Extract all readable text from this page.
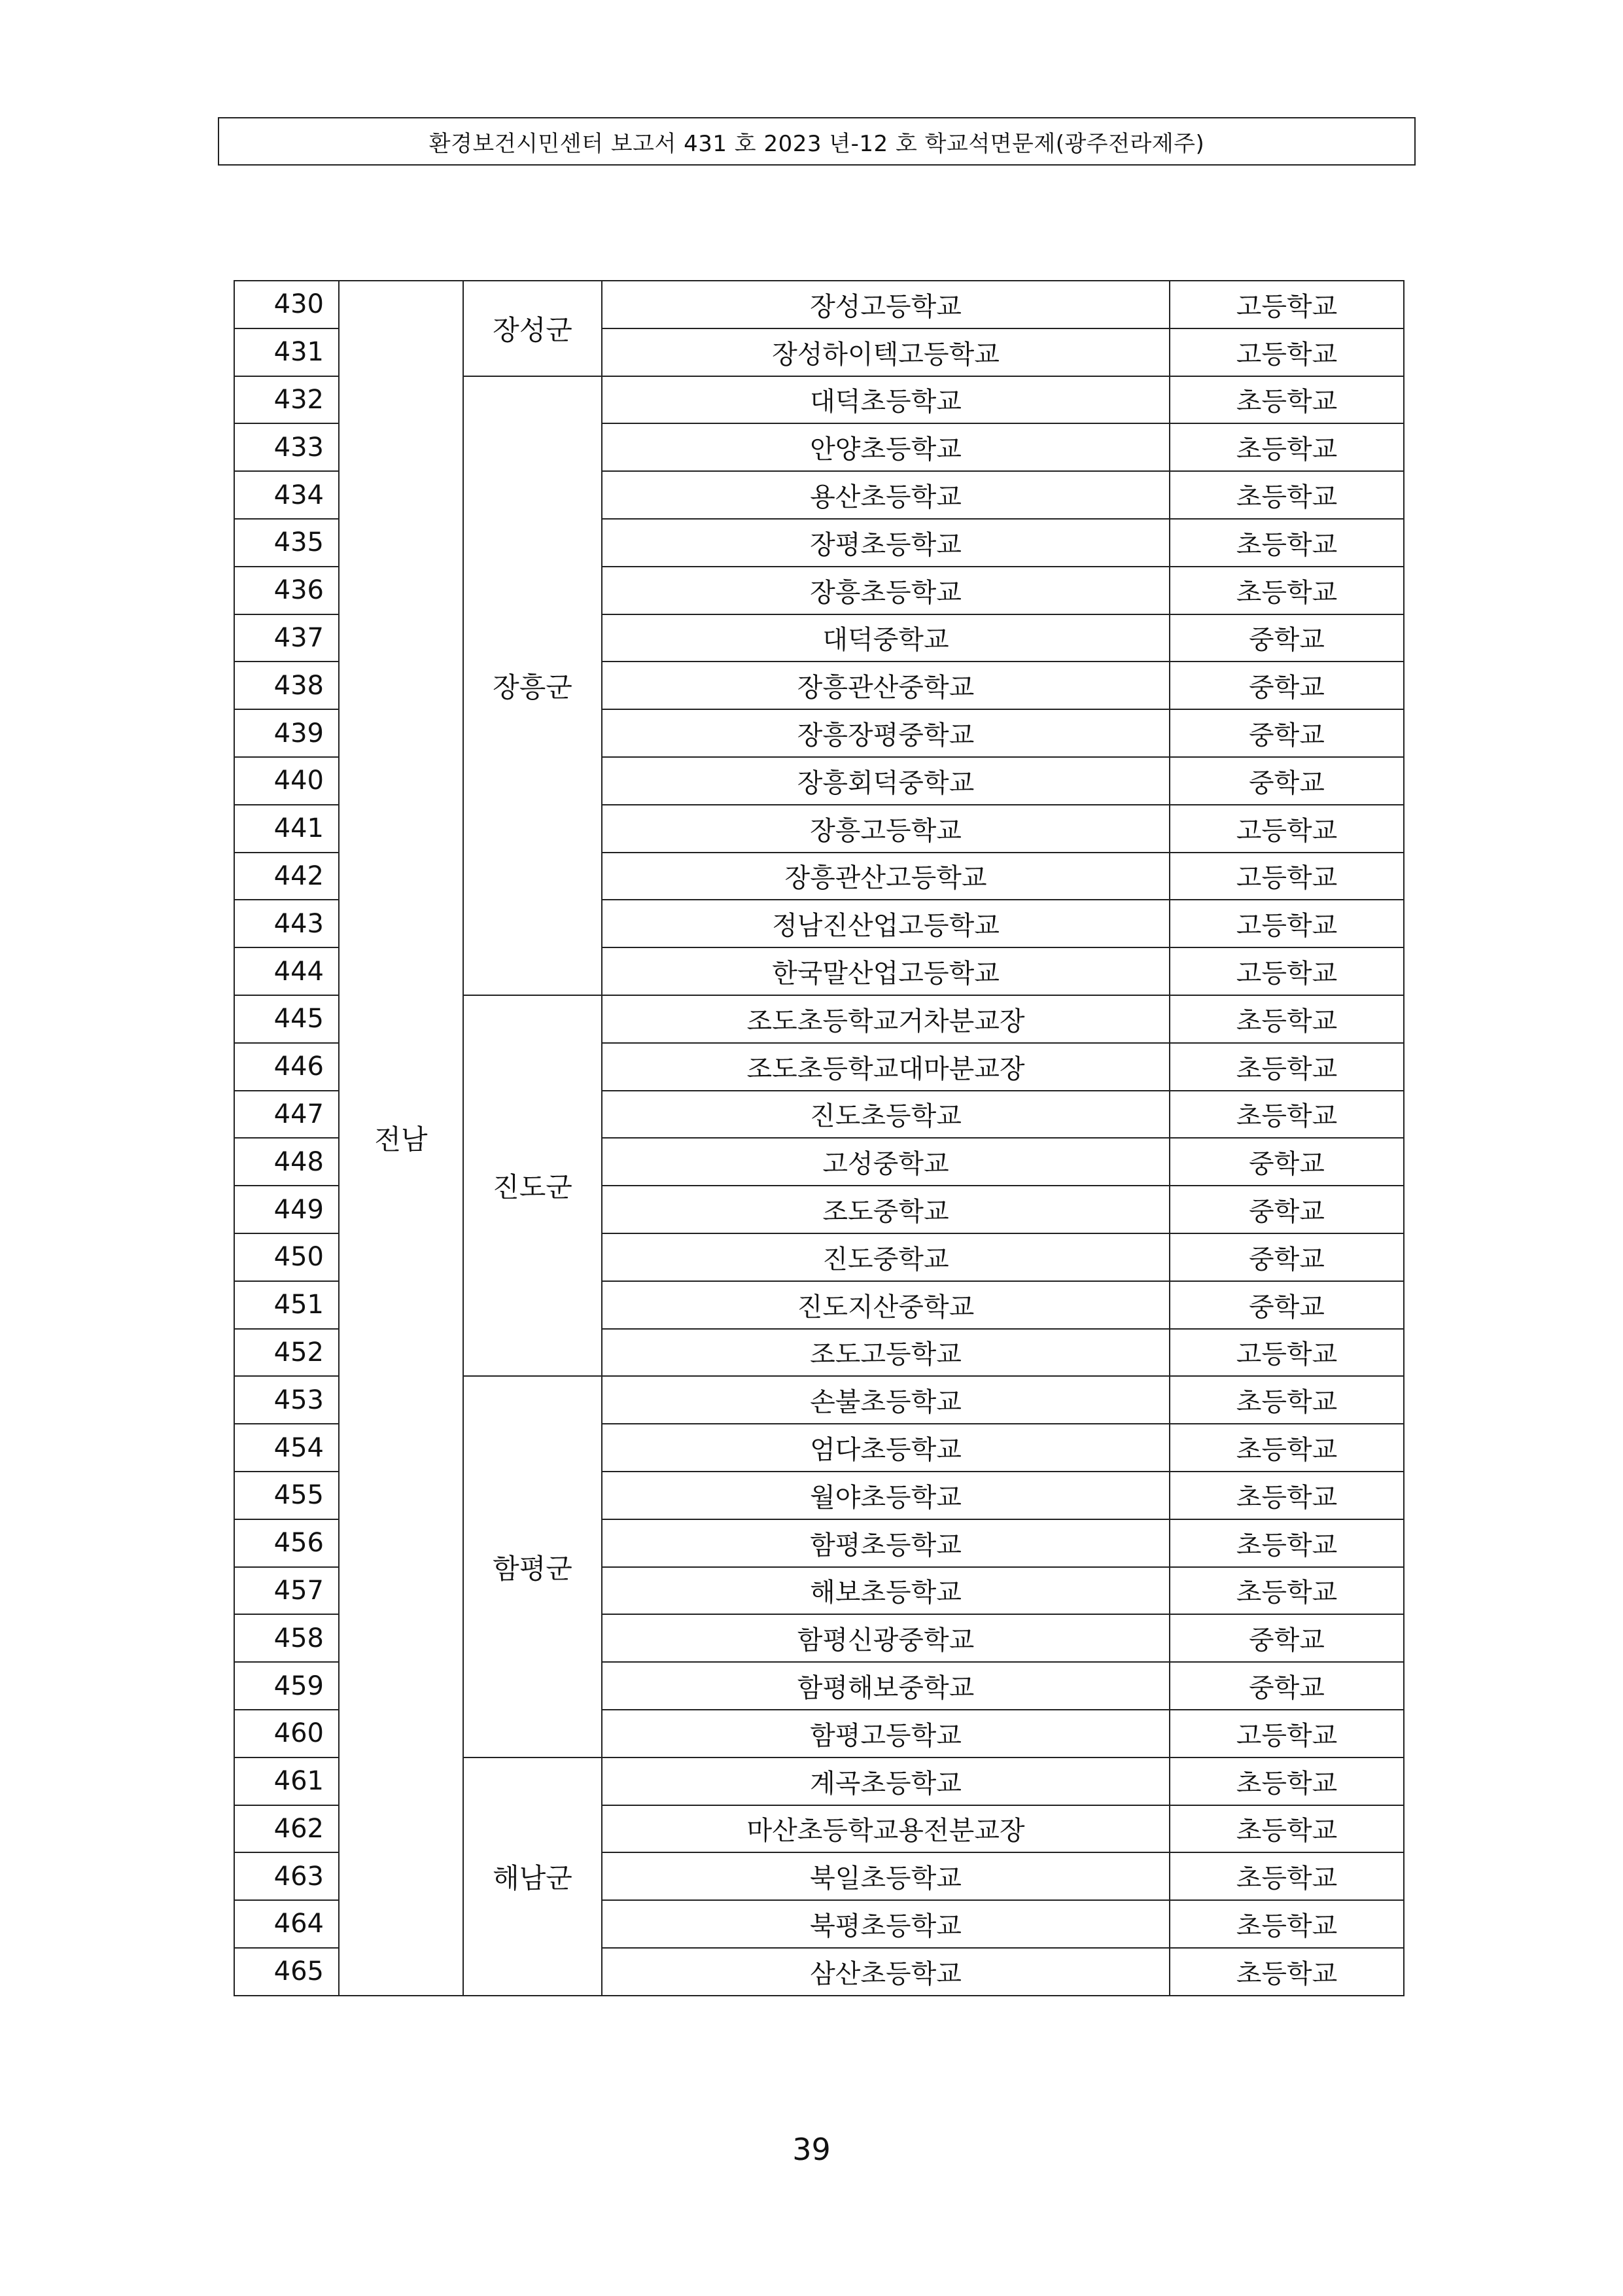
환경보건시민센터 보고서 431 호 2023 년-12 호 학교석면문제(광주전라제주)
430	전남	장성군	장성고등학교	고등학교
431			장성하이텍고등학교	고등학교
432		장흥군	대덕초등학교	초등학교
433			안양초등학교	초등학교
434			용산초등학교	초등학교
435			장평초등학교	초등학교
436			장흥초등학교	초등학교
437			대덕중학교	중학교
438			장흥관산중학교	중학교
439			장흥장평중학교	중학교
440			장흥회덕중학교	중학교
441			장흥고등학교	고등학교
442			장흥관산고등학교	고등학교
443			정남진산업고등학교	고등학교
444			한국말산업고등학교	고등학교
445		진도군	조도초등학교거차분교장	초등학교
446			조도초등학교대마분교장	초등학교
447			진도초등학교	초등학교
448			고성중학교	중학교
449			조도중학교	중학교
450			진도중학교	중학교
451			진도지산중학교	중학교
452			조도고등학교	고등학교
453		함평군	손불초등학교	초등학교
454			엄다초등학교	초등학교
455			월야초등학교	초등학교
456			함평초등학교	초등학교
457			해보초등학교	초등학교
458			함평신광중학교	중학교
459			함평해보중학교	중학교
460			함평고등학교	고등학교
461		해남군	계곡초등학교	초등학교
462			마산초등학교용전분교장	초등학교
463			북일초등학교	초등학교
464			북평초등학교	초등학교
465			삼산초등학교	초등학교
39
